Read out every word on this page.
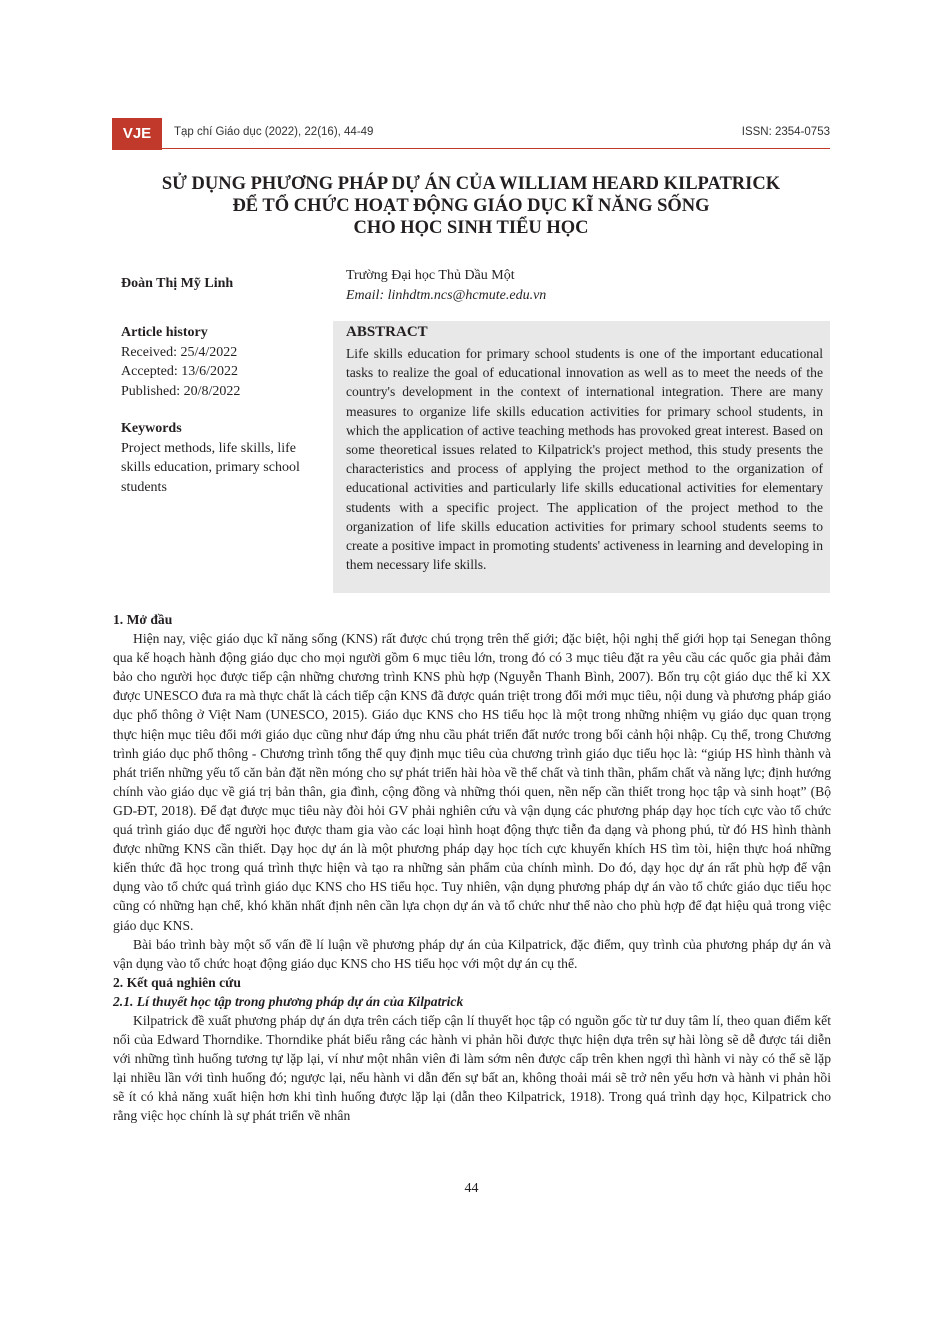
VJE	Tạp chí Giáo dục (2022), 22(16), 44-49	ISSN: 2354-0753
SỬ DỤNG PHƯƠNG PHÁP DỰ ÁN CỦA WILLIAM HEARD KILPATRICK
ĐỂ TỔ CHỨC HOẠT ĐỘNG GIÁO DỤC KĨ NĂNG SỐNG
CHO HỌC SINH TIỂU HỌC
Đoàn Thị Mỹ Linh
Trường Đại học Thủ Dầu Một
Email: linhdtm.ncs@hcmute.edu.vn
Article history
Received: 25/4/2022
Accepted: 13/6/2022
Published: 20/8/2022
Keywords
Project methods, life skills, life skills education, primary school students
ABSTRACT
Life skills education for primary school students is one of the important educational tasks to realize the goal of educational innovation as well as to meet the needs of the country's development in the context of international integration. There are many measures to organize life skills education activities for primary school students, in which the application of active teaching methods has provoked great interest. Based on some theoretical issues related to Kilpatrick's project method, this study presents the characteristics and process of applying the project method to the organization of educational activities and particularly life skills educational activities for elementary students with a specific project. The application of the project method to the organization of life skills education activities for primary school students seems to create a positive impact in promoting students' activeness in learning and developing in them necessary life skills.

1. Mở đầu

Hiện nay, việc giáo dục kĩ năng sống (KNS) rất được chú trọng trên thế giới; đặc biệt, hội nghị thế giới họp tại Senegan thông qua kế hoạch hành động giáo dục cho mọi người gồm 6 mục tiêu lớn, trong đó có 3 mục tiêu đặt ra yêu cầu các quốc gia phải đảm bảo cho người học được tiếp cận những chương trình KNS phù hợp (Nguyễn Thanh Bình, 2007). Bốn trụ cột giáo dục thế kỉ XX được UNESCO đưa ra mà thực chất là cách tiếp cận KNS đã được quán triệt trong đổi mới mục tiêu, nội dung và phương pháp giáo dục phổ thông ở Việt Nam (UNESCO, 2015). Giáo dục KNS cho HS tiểu học là một trong những nhiệm vụ giáo dục quan trọng thực hiện mục tiêu đổi mới giáo dục cũng như đáp ứng nhu cầu phát triển đất nước trong bối cảnh hội nhập. Cụ thể, trong Chương trình giáo dục phổ thông - Chương trình tổng thể quy định mục tiêu của chương trình giáo dục tiểu học là: “giúp HS hình thành và phát triển những yếu tố căn bản đặt nền móng cho sự phát triển hài hòa về thể chất và tinh thần, phẩm chất và năng lực; định hướng chính vào giáo dục về giá trị bản thân, gia đình, cộng đồng và những thói quen, nền nếp cần thiết trong học tập và sinh hoạt” (Bộ GD-ĐT, 2018). Để đạt được mục tiêu này đòi hỏi GV phải nghiên cứu và vận dụng các phương pháp dạy học tích cực vào tổ chức quá trình giáo dục để người học được tham gia vào các loại hình hoạt động thực tiễn đa dạng và phong phú, từ đó HS hình thành được những KNS cần thiết. Dạy học dự án là một phương pháp dạy học tích cực khuyến khích HS tìm tòi, hiện thực hoá những kiến thức đã học trong quá trình thực hiện và tạo ra những sản phẩm của chính mình. Do đó, dạy học dự án rất phù hợp để vận dụng vào tổ chức quá trình giáo dục KNS cho HS tiểu học. Tuy nhiên, vận dụng phương pháp dự án vào tổ chức giáo dục tiểu học cũng có những hạn chế, khó khăn nhất định nên cần lựa chọn dự án và tổ chức như thế nào cho phù hợp để đạt hiệu quả trong việc giáo dục KNS.

Bài báo trình bày một số vấn đề lí luận về phương pháp dự án của Kilpatrick, đặc điểm, quy trình của phương pháp dự án và vận dụng vào tổ chức hoạt động giáo dục KNS cho HS tiểu học với một dự án cụ thể.

2. Kết quả nghiên cứu

2.1. Lí thuyết học tập trong phương pháp dự án của Kilpatrick

Kilpatrick đề xuất phương pháp dự án dựa trên cách tiếp cận lí thuyết học tập có nguồn gốc từ tư duy tâm lí, theo quan điểm kết nối của Edward Thorndike. Thorndike phát biểu rằng các hành vi phản hồi được thực hiện dựa trên sự hài lòng sẽ dễ được tái diễn với những tình huống tương tự lặp lại, ví như một nhân viên đi làm sớm nên được cấp trên khen ngợi thì hành vi này có thể sẽ lặp lại nhiều lần với tình huống đó; ngược lại, nếu hành vi dẫn đến sự bất an, không thoải mái sẽ trở nên yếu hơn và hành vi phản hồi sẽ ít có khả năng xuất hiện hơn khi tình huống được lặp lại (dẫn theo Kilpatrick, 1918). Trong quá trình dạy học, Kilpatrick cho rằng việc học chính là sự phát triển về nhân

44
